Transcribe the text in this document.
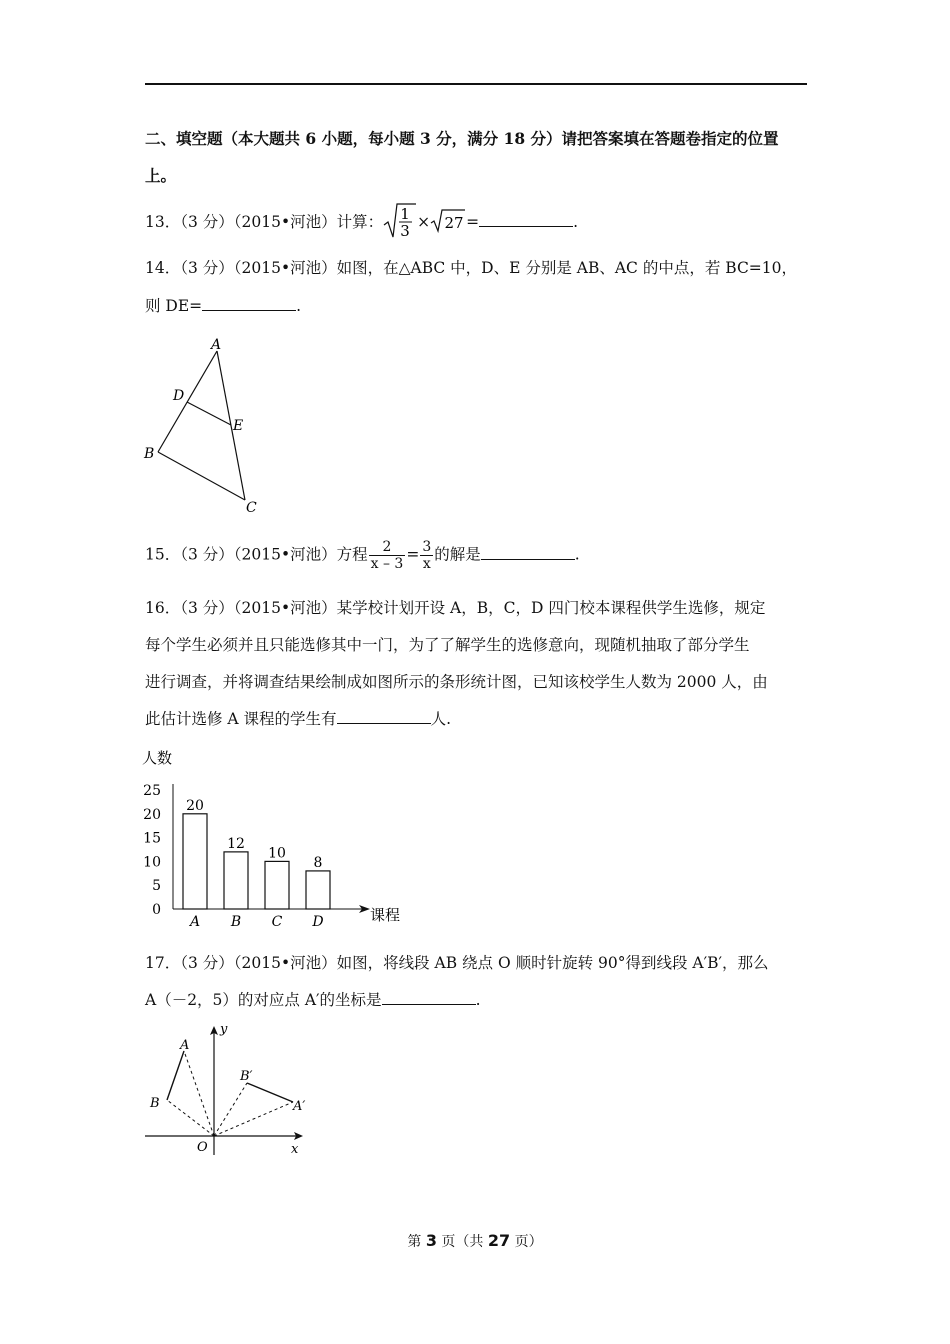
二、填空题（本大题共 6 小题，每小题 3 分，满分 18 分）请把答案填在答题卷指定的位置
上。
13．（3 分）（2015•河池）计算： 1
3 × 27 =	.
14．（3 分）（2015•河池）如图，在△ABC 中，D、E 分别是 AB、AC 的中点，若 BC=10，
则 DE=	.
A
D
E
B
C
15．（3 分）（2015•河池）方程 $\frac{2}{x - 3} = \frac{3}{x}$ 的解是	.
16．（3 分）（2015•河池）某学校计划开设 A，B，C，D 四门校本课程供学生选修，规定
每个学生必须并且只能选修其中一门，为了了解学生的选修意向，现随机抽取了部分学生
进行调查，并将调查结果绘制成如图所示的条形统计图，已知该校学生人数为 2000 人，由
此估计选修 A 课程的学生有	人.
人数
课程
0
5
10
15
20
25
20
A
12
B
10
C
8
D
17．（3 分）（2015•河池）如图，将线段 AB 绕点 O 顺时针旋转 90°得到线段 A′B′，那么
A（－2，5）的对应点 A′的坐标是	.
A
B
B′
A′
O	x
y
第 3 页（共 27 页）
